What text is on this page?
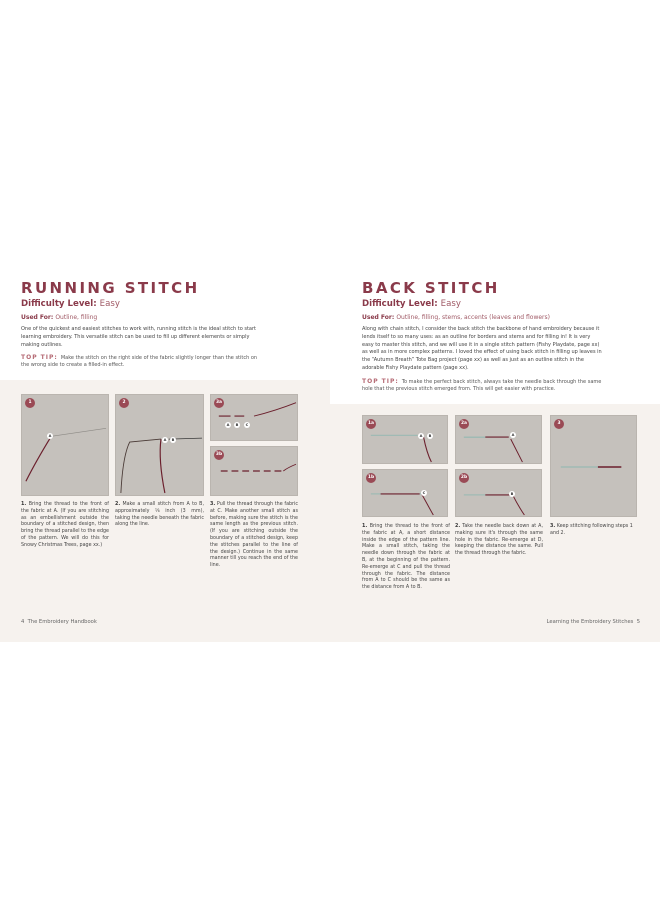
RUNNING STITCH
Difficulty Level: Easy
Used For: Outline, filling
One of the quickest and easiest stitches to work with, running stitch is the ideal stitch to start learning embroidery. This versatile stitch can be used to fill up different elements or simply making outlines.
TOP TIP: Make the stitch on the right side of the fabric slightly longer than the stitch on the wrong side to create a filled-in effect.
1
A
2
A	B
3a
A	B	C
3b
1. Bring the thread to the front of the fabric at A. (If you are stitching as an embellishment outside the boundary of a stitched design, then bring the thread parallel to the edge of the pattern. We will do this for Snowy Christmas Trees, page xx.)
2. Make a small stitch from A to B, approximately ⅛ inch (3 mm), taking the needle beneath the fabric along the line.
3. Pull the thread through the fabric at C. Make another small stitch as before, making sure the stitch is the same length as the previous stitch. (If you are stitching outside the boundary of a stitched design, keep the stitches parallel to the line of the design.) Continue in the same manner till you reach the end of the line.
4 The Embroidery Handbook
BACK STITCH
Difficulty Level: Easy
Used For: Outline, filling, stems, accents (leaves and flowers)
Along with chain stitch, I consider the back stitch the backbone of hand embroidery because it lends itself to so many uses: as an outline for borders and stems and for filling in! It is very easy to master this stitch, and we will use it in a single stitch pattern (Fishy Playdate, page xx) as well as in more complex patterns. I loved the effect of using back stitch in filling up leaves in the “Autumn Breath” Tote Bag project (page xx) as well as just as an outline stitch in the adorable Fishy Playdate pattern (page xx).
TOP TIP: To make the perfect back stitch, always take the needle back through the same hole that the previous stitch emerged from. This will get easier with practice.
1a
A	B
2a
A
3
1b
C
2b
B
1. Bring the thread to the front of the fabric at A, a short distance inside the edge of the pattern line. Make a small stitch, taking the needle down through the fabric at B, at the beginning of the pattern. Re-emerge at C and pull the thread through the fabric. The distance from A to C should be the same as the distance from A to B.
2. Take the needle back down at A, making sure it's through the same hole in the fabric. Re-emerge at D, keeping the distance the same. Pull the thread through the fabric.
3. Keep stitching following steps 1 and 2.
Learning the Embroidery Stitches 5
